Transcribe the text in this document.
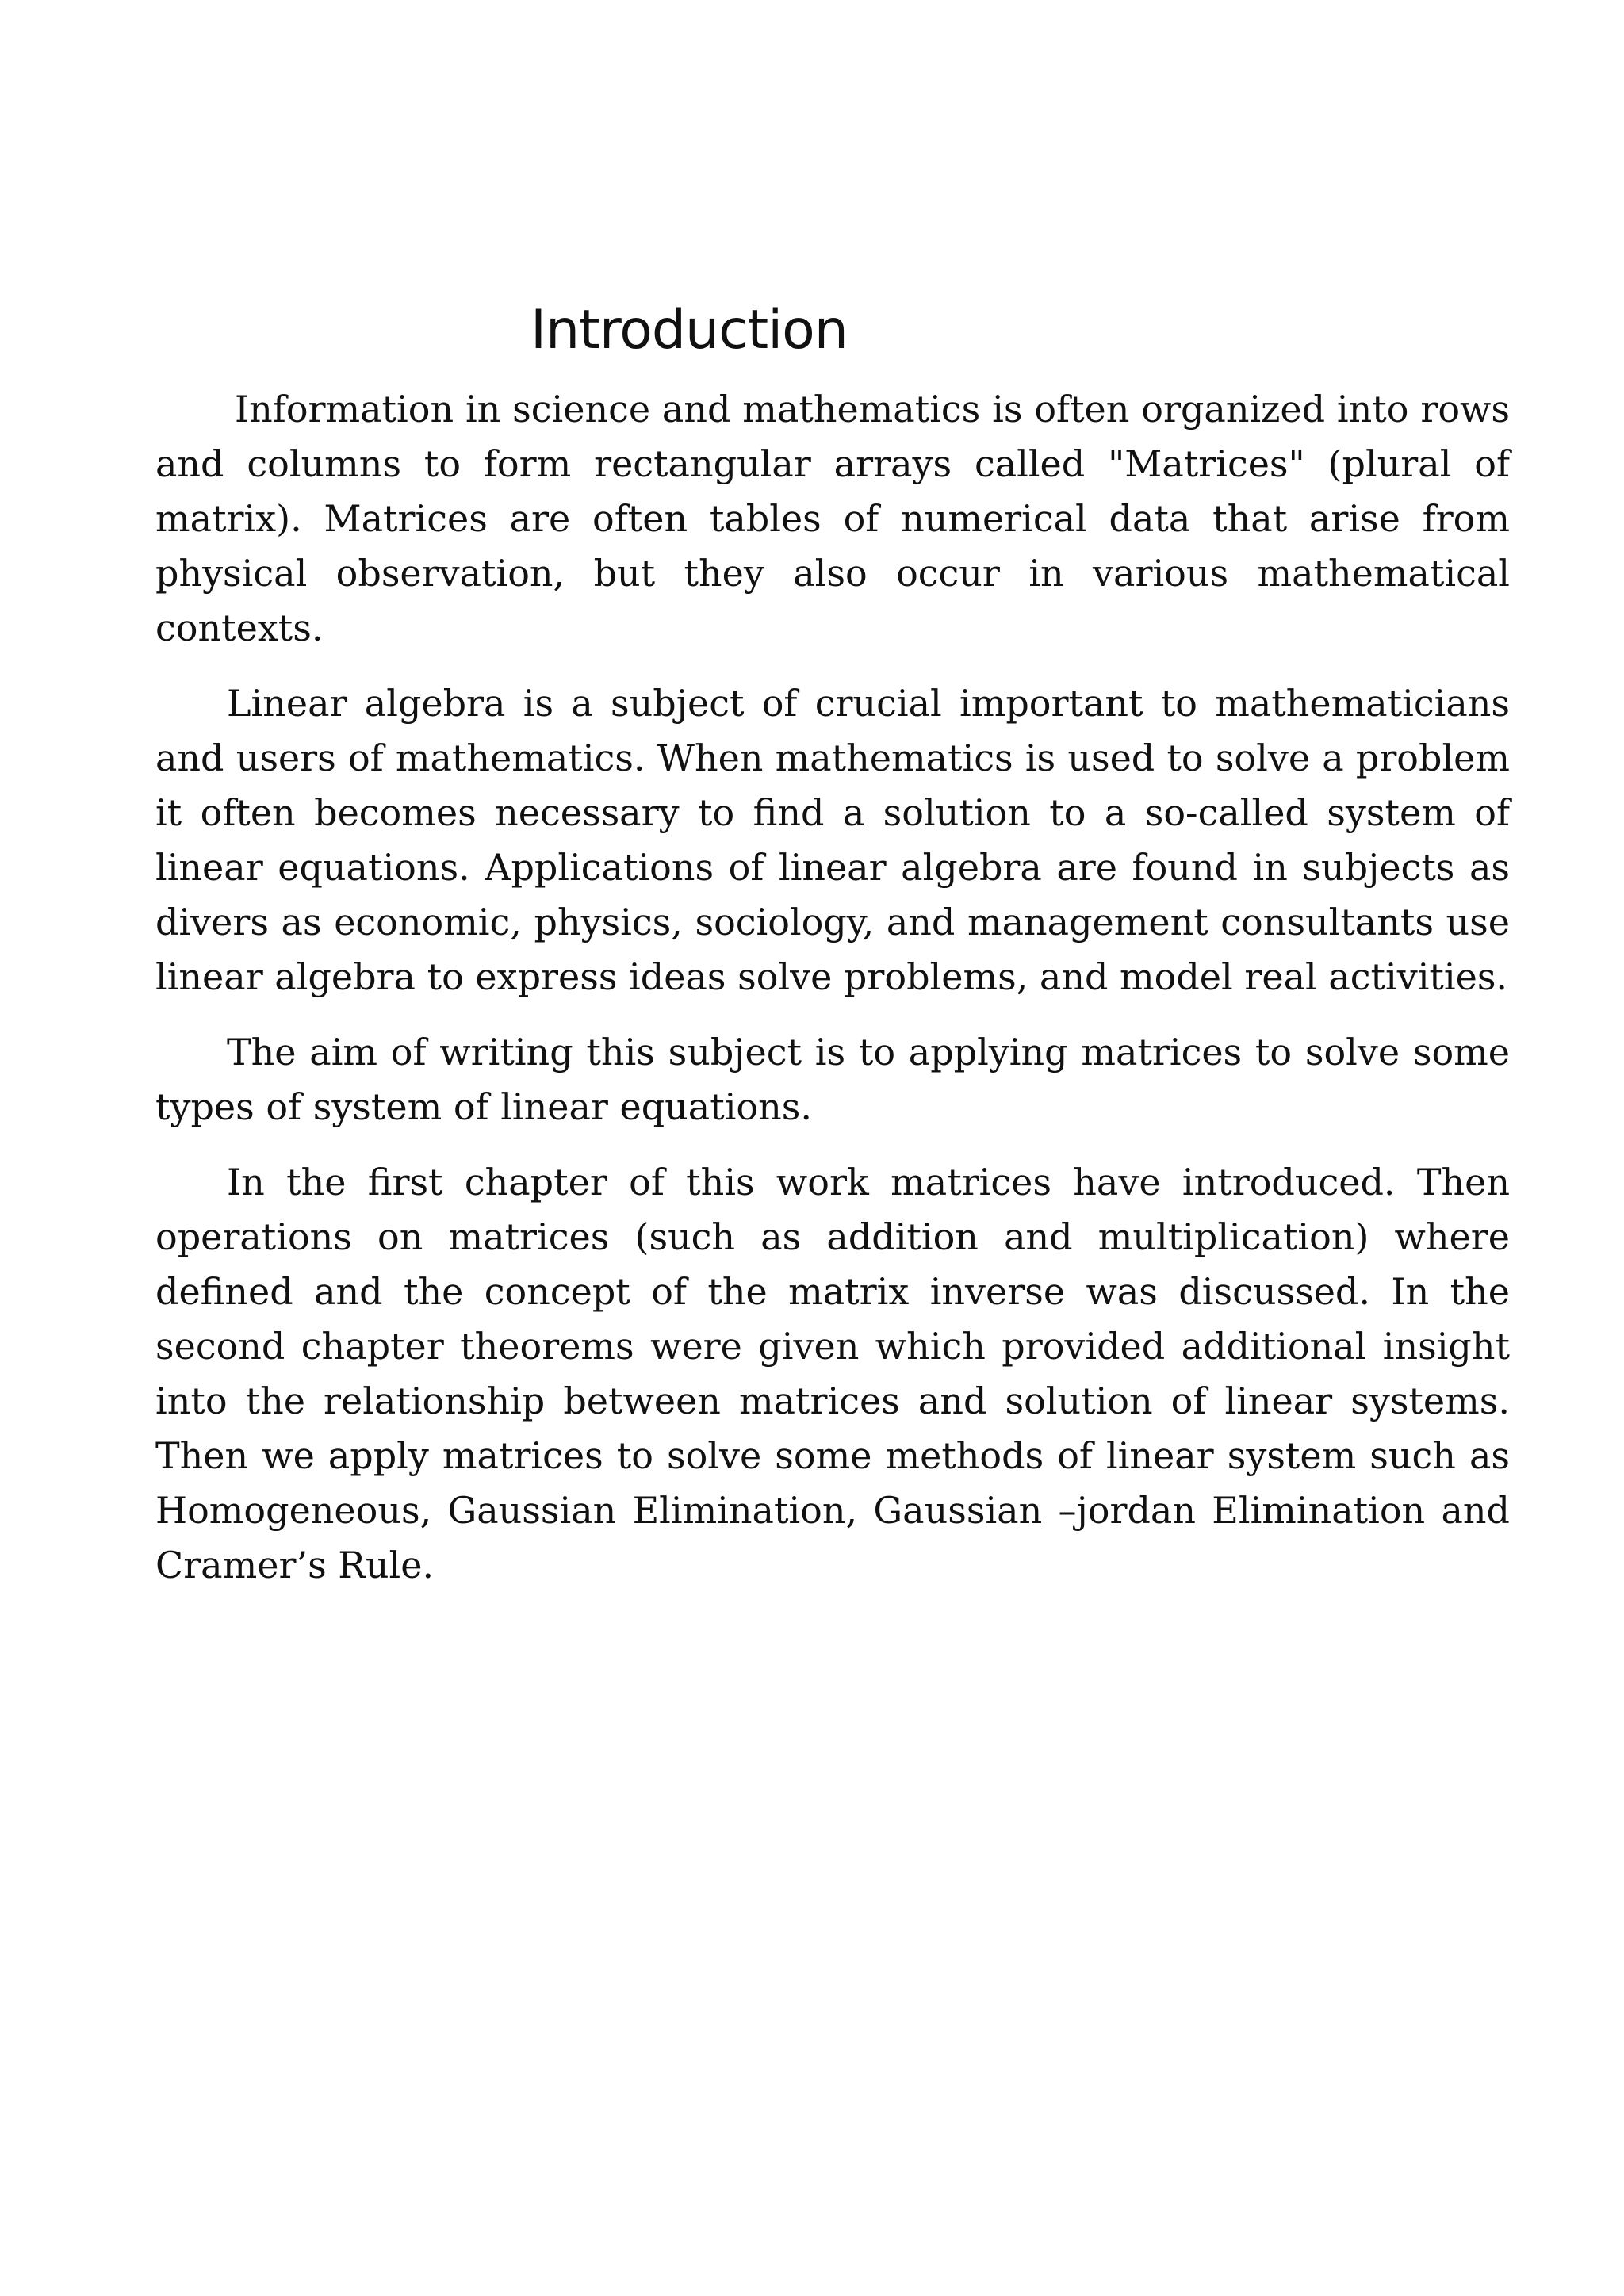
Introduction

Information in science and mathematics is often organized into rows and columns to form rectangular arrays called "Matrices" (plural of matrix). Matrices are often tables of numerical data that arise from physical observation, but they also occur in various mathematical contexts.

Linear algebra is a subject of crucial important to mathematicians and users of mathematics. When mathematics is used to solve a problem it often becomes necessary to find a solution to a so-called system of linear equations. Applications of linear algebra are found in subjects as divers as economic, physics, sociology, and management consultants use linear algebra to express ideas solve problems, and model real activities.

The aim of writing this subject is to applying matrices to solve some types of system of linear equations.

In the first chapter of this work matrices have introduced. Then operations on matrices (such as addition and multiplication) where defined and the concept of the matrix inverse was discussed. In the second chapter theorems were given which provided additional insight into the relationship between matrices and solution of linear systems. Then we apply matrices to solve some methods of linear system such as Homogeneous, Gaussian Elimination, Gaussian –jordan Elimination and Cramer’s Rule.
